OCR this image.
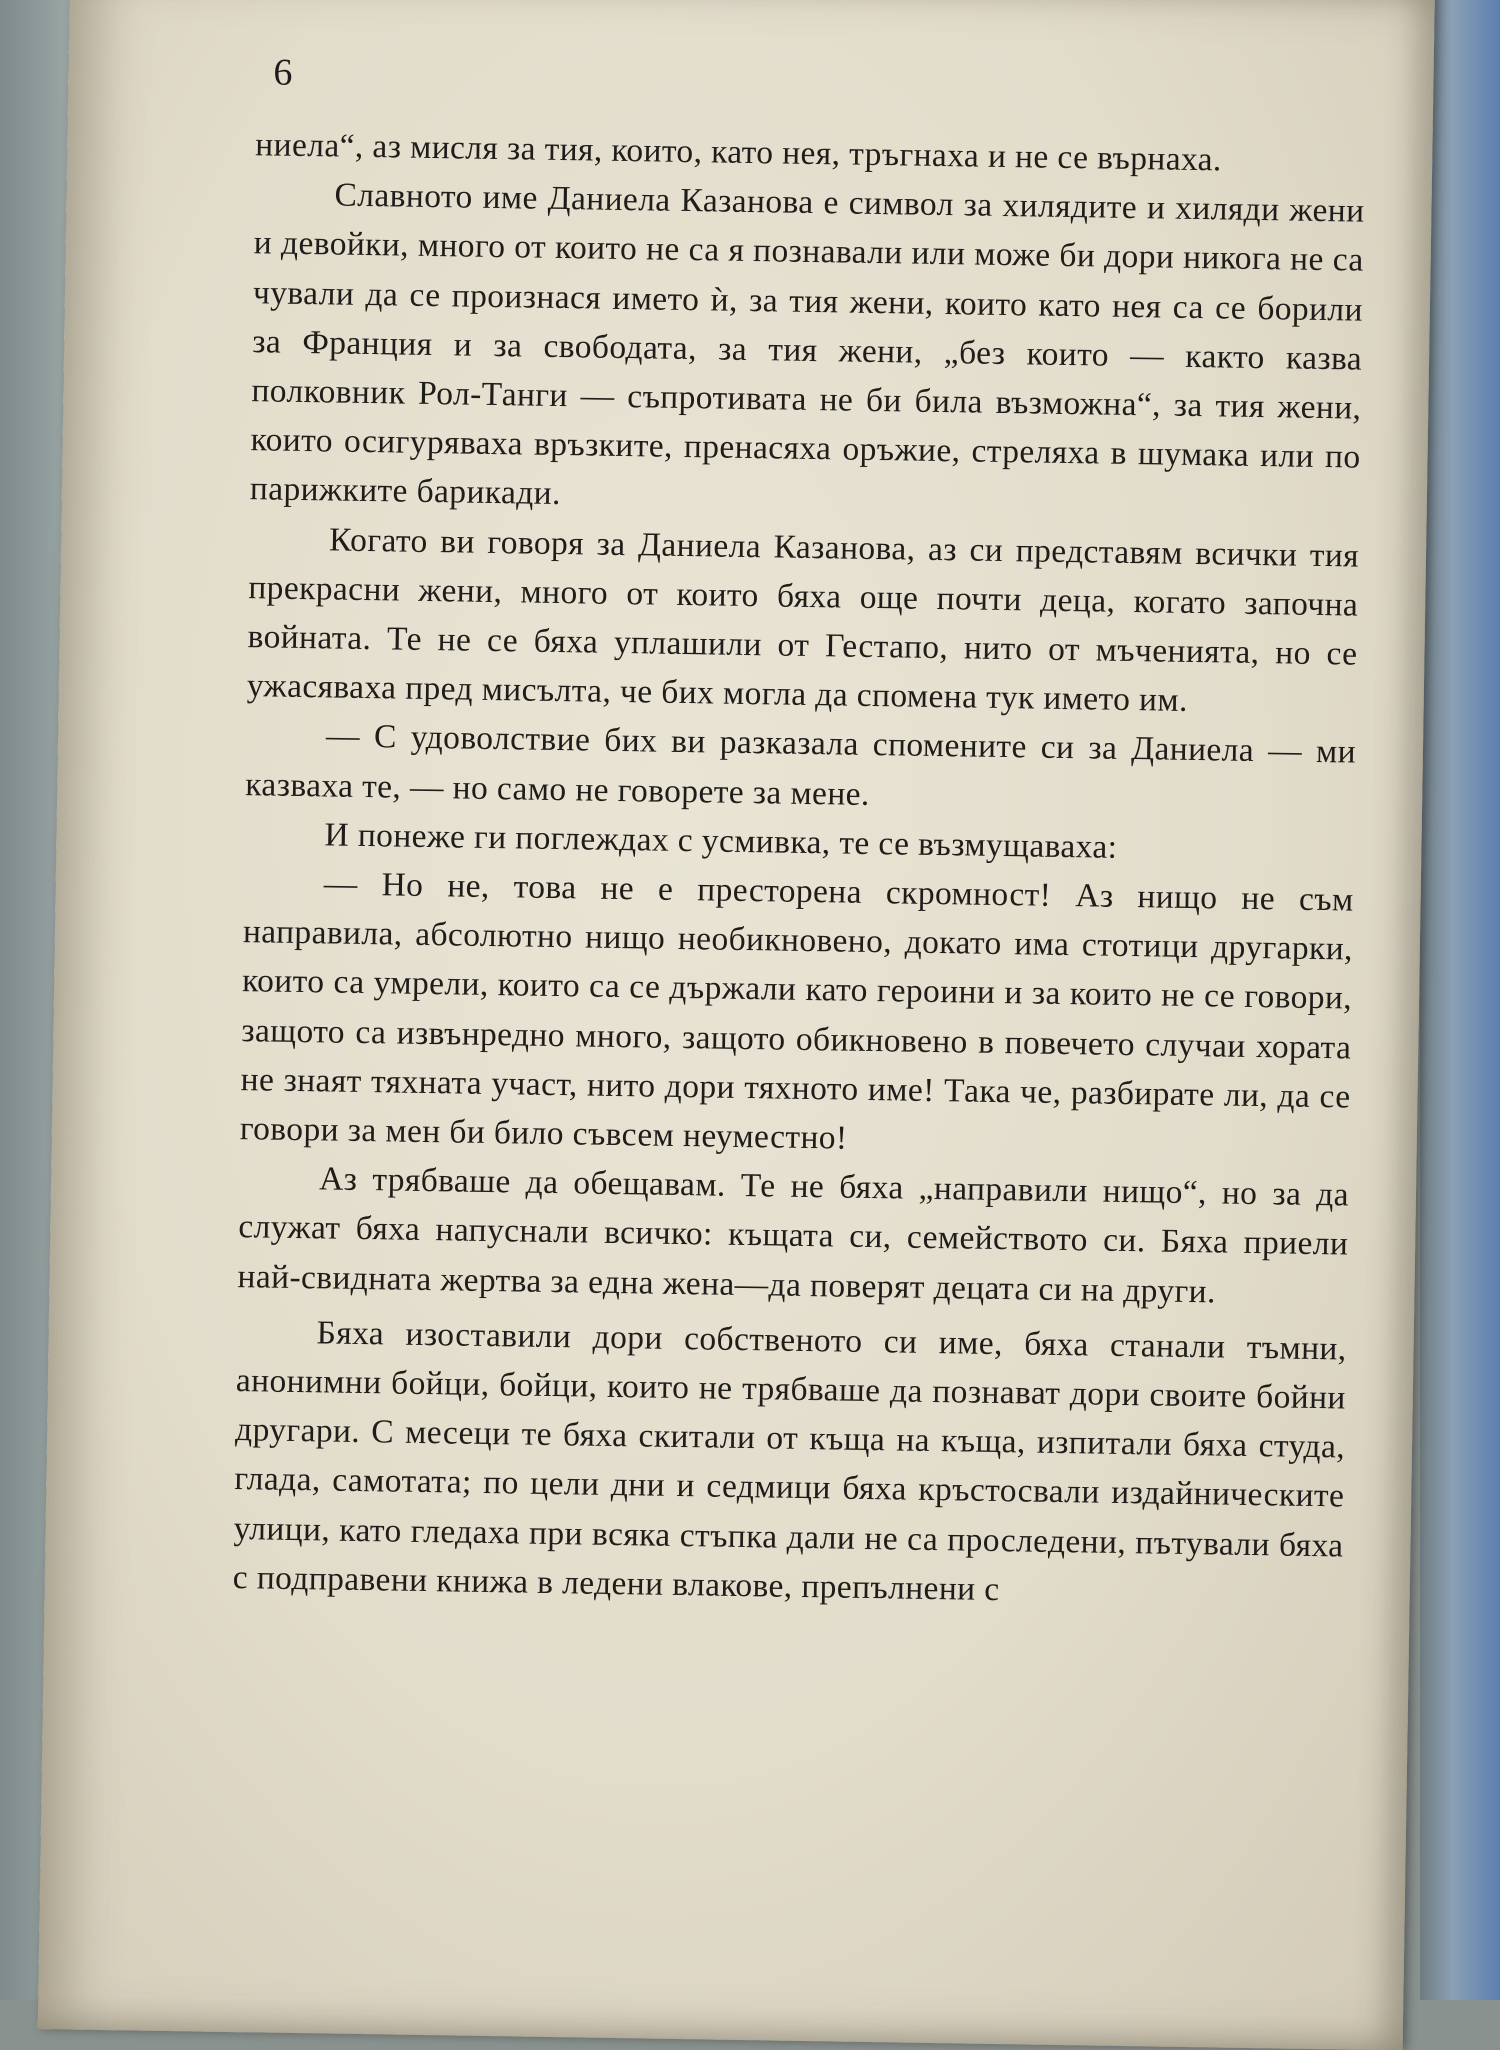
6

ниела“, аз мисля за тия, които, като нея, тръгнаха и не се върнаха.

Славното име Даниела Казанова е символ за хилядите и хиляди жени и девойки, много от които не са я познавали или може би дори никога не са чували да се произнася името ѝ, за тия жени, които като нея са се борили за Франция и за свободата, за тия жени, „без които — както казва полковник Рол-Танги — съпротивата не би била възможна“, за тия жени, които осигуряваха връзките, пренасяха оръжие, стреляха в шумака или по парижките барикади.

Когато ви говоря за Даниела Казанова, аз си представям всички тия прекрасни жени, много от които бяха още почти деца, когато започна войната. Те не се бяха уплашили от Гестапо, нито от мъченията, но се ужасяваха пред мисълта, че бих могла да спомена тук името им.

— С удоволствие бих ви разказала спомените си за Даниела — ми казваха те, — но само не говорете за мене.

И понеже ги поглеждах с усмивка, те се възмущаваха:

— Но не, това не е престорена скромност! Аз нищо не съм направила, абсолютно нищо необикновено, докато има стотици другарки, които са умрели, които са се държали като героини и за които не се говори, защото са извънредно много, защото обикновено в повечето случаи хората не знаят тяхната участ, нито дори тяхното име! Така че, разбирате ли, да се говори за мен би било съвсем неуместно!

Аз трябваше да обещавам. Те не бяха „направили нищо“, но за да служат бяха напуснали всичко: къщата си, семейството си. Бяха приели най-свидната жертва за една жена—да поверят децата си на други.

Бяха изоставили дори собственото си име, бяха станали тъмни, анонимни бойци, бойци, които не трябваше да познават дори своите бойни другари. С месеци те бяха скитали от къща на къща, изпитали бяха студа, глада, самотата; по цели дни и седмици бяха кръстосвали издайническите улици, като гледаха при всяка стъпка дали не са проследени, пътували бяха с подправени книжа в ледени влакове, препълнени с
